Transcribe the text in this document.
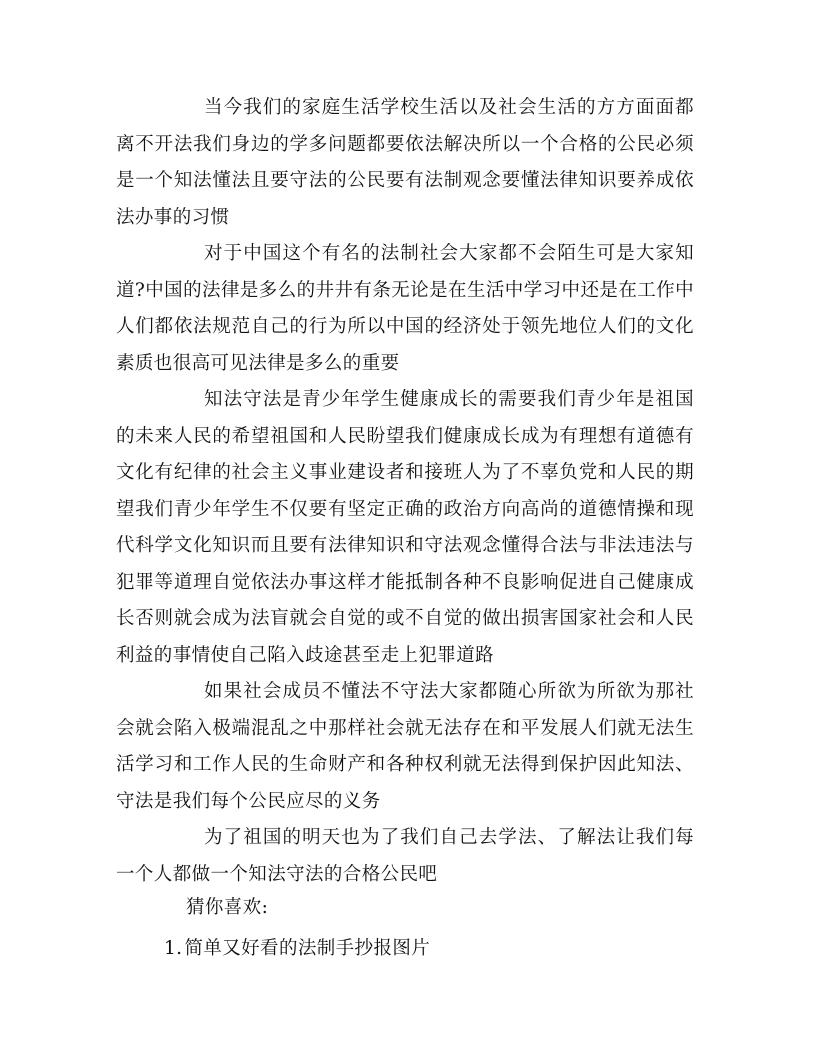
当今我们的家庭生活学校生活以及社会生活的方方面面都离不开法我们身边的学多问题都要依法解决所以一个合格的公民必须是一个知法懂法且要守法的公民要有法制观念要懂法律知识要养成依法办事的习惯

对于中国这个有名的法制社会大家都不会陌生可是大家知道?中国的法律是多么的井井有条无论是在生活中学习中还是在工作中人们都依法规范自己的行为所以中国的经济处于领先地位人们的文化素质也很高可见法律是多么的重要

知法守法是青少年学生健康成长的需要我们青少年是祖国的未来人民的希望祖国和人民盼望我们健康成长成为有理想有道德有文化有纪律的社会主义事业建设者和接班人为了不辜负党和人民的期望我们青少年学生不仅要有坚定正确的政治方向高尚的道德情操和现代科学文化知识而且要有法律知识和守法观念懂得合法与非法违法与犯罪等道理自觉依法办事这样才能抵制各种不良影响促进自己健康成长否则就会成为法盲就会自觉的或不自觉的做出损害国家社会和人民利益的事情使自己陷入歧途甚至走上犯罪道路

如果社会成员不懂法不守法大家都随心所欲为所欲为那社会就会陷入极端混乱之中那样社会就无法存在和平发展人们就无法生活学习和工作人民的生命财产和各种权利就无法得到保护因此知法、守法是我们每个公民应尽的义务

为了祖国的明天也为了我们自己去学法、了解法让我们每一个人都做一个知法守法的合格公民吧

猜你喜欢:

1. 简单又好看的法制手抄报图片
